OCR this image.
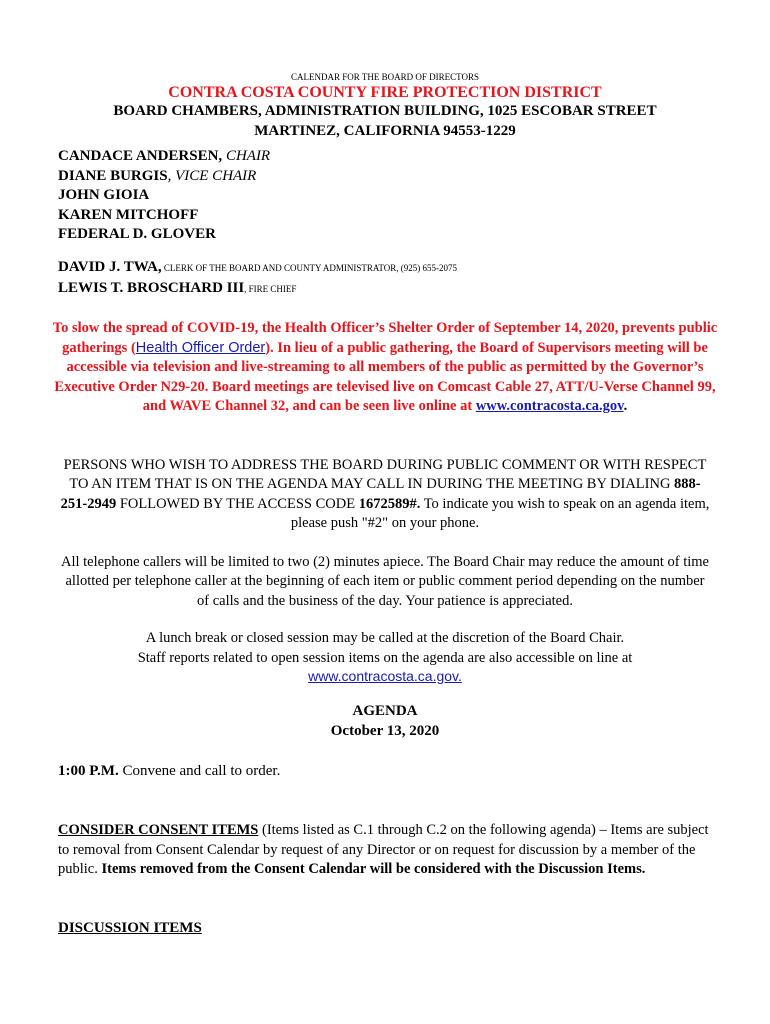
CALENDAR FOR THE BOARD OF DIRECTORS
CONTRA COSTA COUNTY FIRE PROTECTION DISTRICT
BOARD CHAMBERS, ADMINISTRATION BUILDING, 1025 ESCOBAR STREET
MARTINEZ, CALIFORNIA 94553-1229
CANDACE ANDERSEN, CHAIR
DIANE BURGIS, VICE CHAIR
JOHN GIOIA
KAREN MITCHOFF
FEDERAL D. GLOVER
DAVID J. TWA, CLERK OF THE BOARD AND COUNTY ADMINISTRATOR, (925) 655-2075
LEWIS T. BROSCHARD III, FIRE CHIEF
To slow the spread of COVID-19, the Health Officer’s Shelter Order of September 14, 2020, prevents public gatherings (Health Officer Order). In lieu of a public gathering, the Board of Supervisors meeting will be accessible via television and live-streaming to all members of the public as permitted by the Governor’s Executive Order N29-20. Board meetings are televised live on Comcast Cable 27, ATT/U-Verse Channel 99, and WAVE Channel 32, and can be seen live online at www.contracosta.ca.gov.
PERSONS WHO WISH TO ADDRESS THE BOARD DURING PUBLIC COMMENT OR WITH RESPECT TO AN ITEM THAT IS ON THE AGENDA MAY CALL IN DURING THE MEETING BY DIALING 888-251-2949 FOLLOWED BY THE ACCESS CODE 1672589#. To indicate you wish to speak on an agenda item, please push "#2" on your phone.
All telephone callers will be limited to two (2) minutes apiece. The Board Chair may reduce the amount of time allotted per telephone caller at the beginning of each item or public comment period depending on the number of calls and the business of the day. Your patience is appreciated.
A lunch break or closed session may be called at the discretion of the Board Chair.
Staff reports related to open session items on the agenda are also accessible on line at
www.contracosta.ca.gov.
AGENDA
October 13, 2020
1:00 P.M. Convene and call to order.
CONSIDER CONSENT ITEMS (Items listed as C.1 through C.2 on the following agenda) – Items are subject to removal from Consent Calendar by request of any Director or on request for discussion by a member of the public. Items removed from the Consent Calendar will be considered with the Discussion Items.
DISCUSSION ITEMS
